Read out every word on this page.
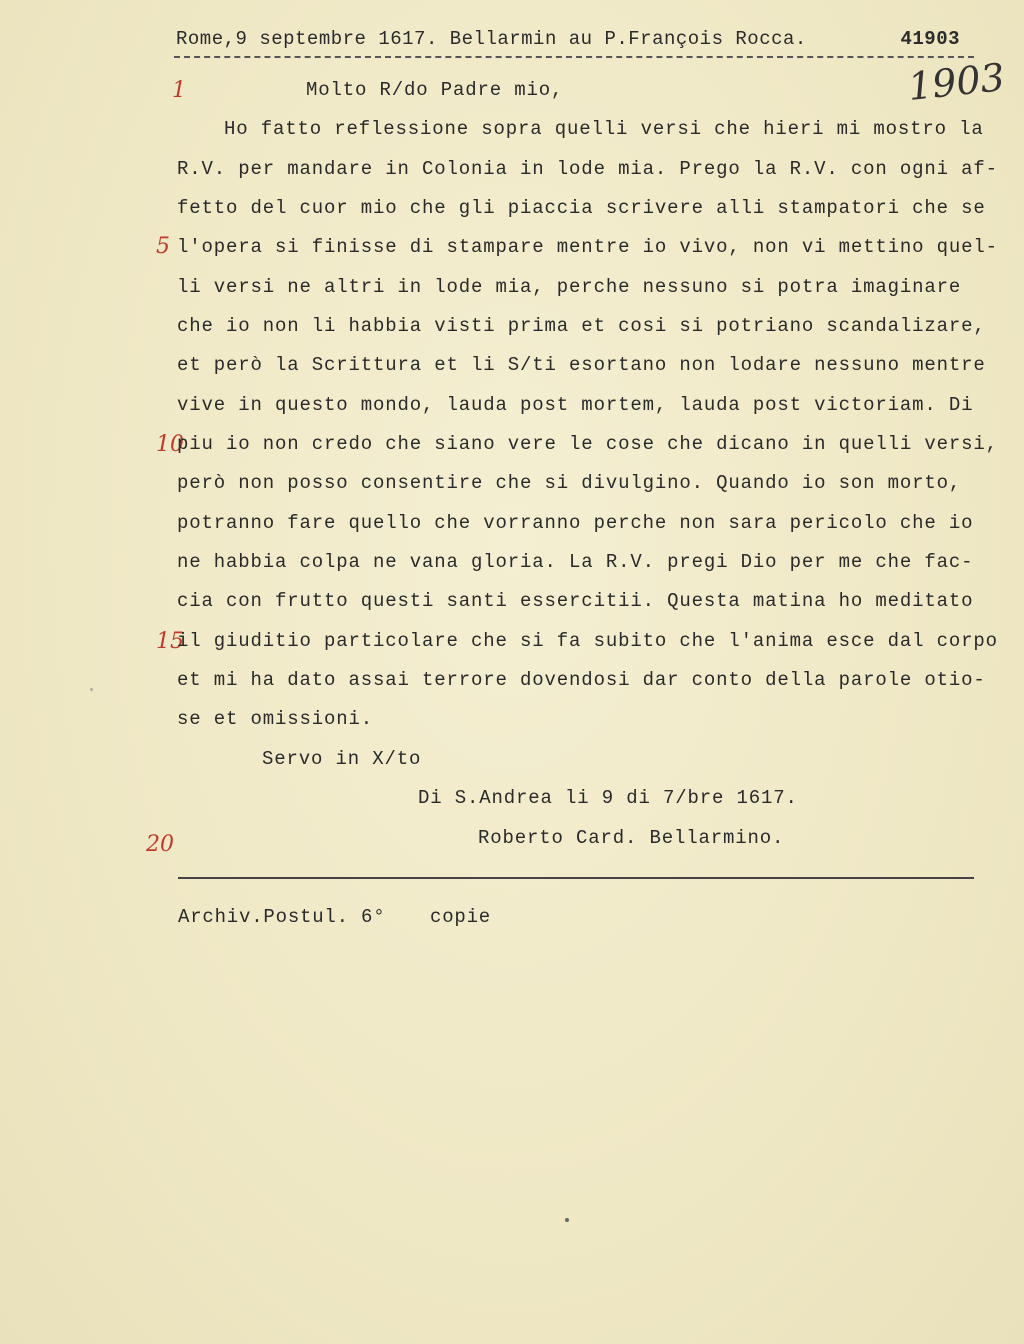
Rome,9 septembre 1617. Bellarmin au P.François Rocca.	41903
1903
1
5
10
15
20
Molto R/do Padre mio,
Ho fatto reflessione sopra quelli versi che hieri mi mostro la
R.V. per mandare in Colonia in lode mia. Prego la R.V. con ogni af-
fetto del cuor mio che gli piaccia scrivere alli stampatori che se
l'opera si finisse di stampare mentre io vivo, non vi mettino quel-
li versi ne altri in lode mia, perche nessuno si potra imaginare
che io non li habbia visti prima et cosi si potriano scandalizare,
et però la Scrittura et li S/ti esortano non lodare nessuno mentre
vive in questo mondo, lauda post mortem, lauda post victoriam. Di
piu io non credo che siano vere le cose che dicano in quelli versi,
però non posso consentire che si divulgino. Quando io son morto,
potranno fare quello che vorranno perche non sara pericolo che io
ne habbia colpa ne vana gloria. La R.V. pregi Dio per me che fac-
cia con frutto questi santi essercitii. Questa matina ho meditato
il giuditio particolare che si fa subito che l'anima esce dal corpo
et mi ha dato assai terrore dovendosi dar conto della parole otio-
se et omissioni.
Servo in X/to
Di S.Andrea li 9 di 7/bre 1617.
Roberto Card. Bellarmino.
Archiv.Postul. 6° copie
